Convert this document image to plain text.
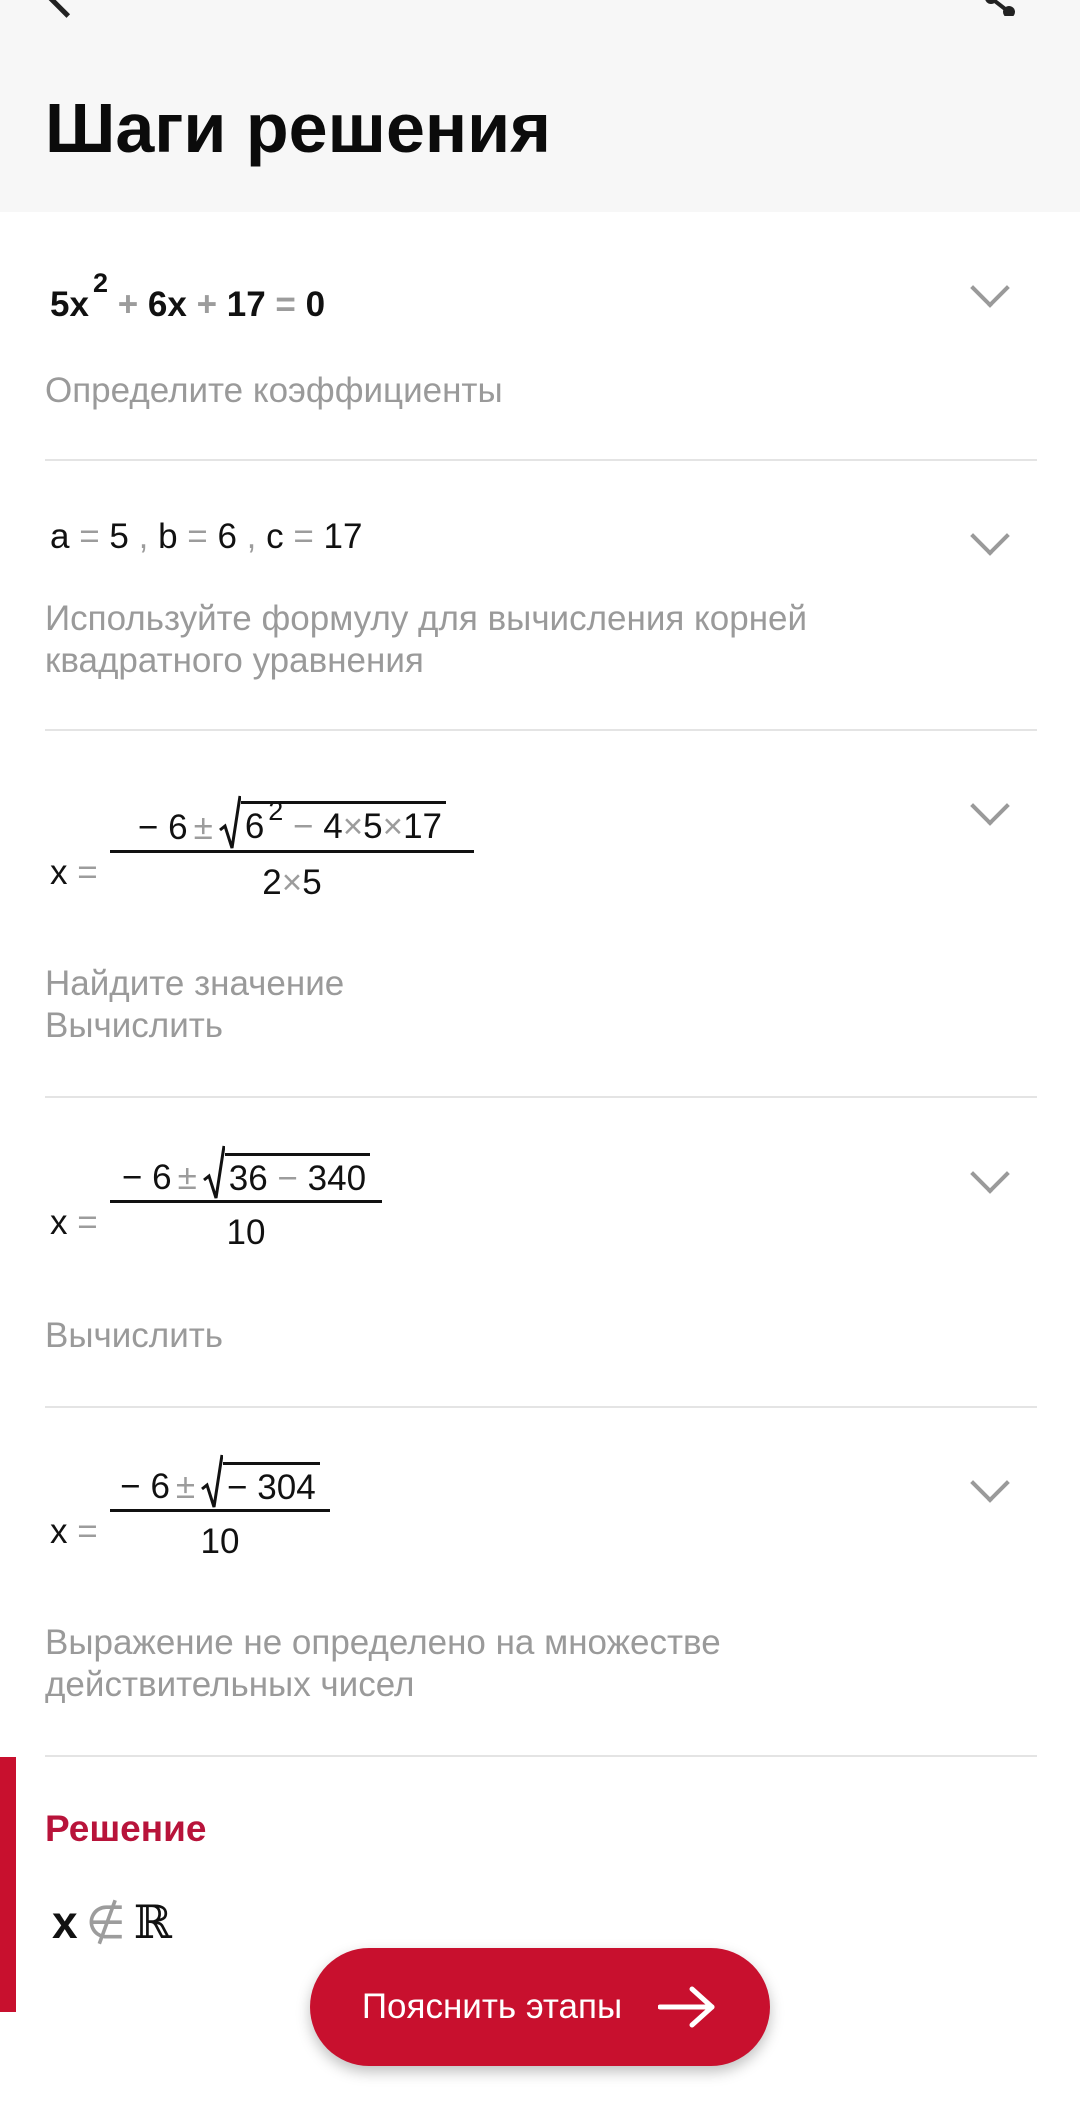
Шаги решения
$5x^2 + 6x + 17 = 0$
Определите коэффициенты
a = 5 , b = 6 , c = 17
Используйте формулу для вычисления корней
квадратного уравнения
x =
− 6 ± 6 $^2$ − 4×5×17
2×5
Найдите значение
Вычислить
x =
− 6 ± 36 − 340
10
Вычислить
x =
− 6 ± − 304
10
Выражение не определено на множестве
действительных чисел
Решение
x ∉ ℝ
Пояснить этапы
